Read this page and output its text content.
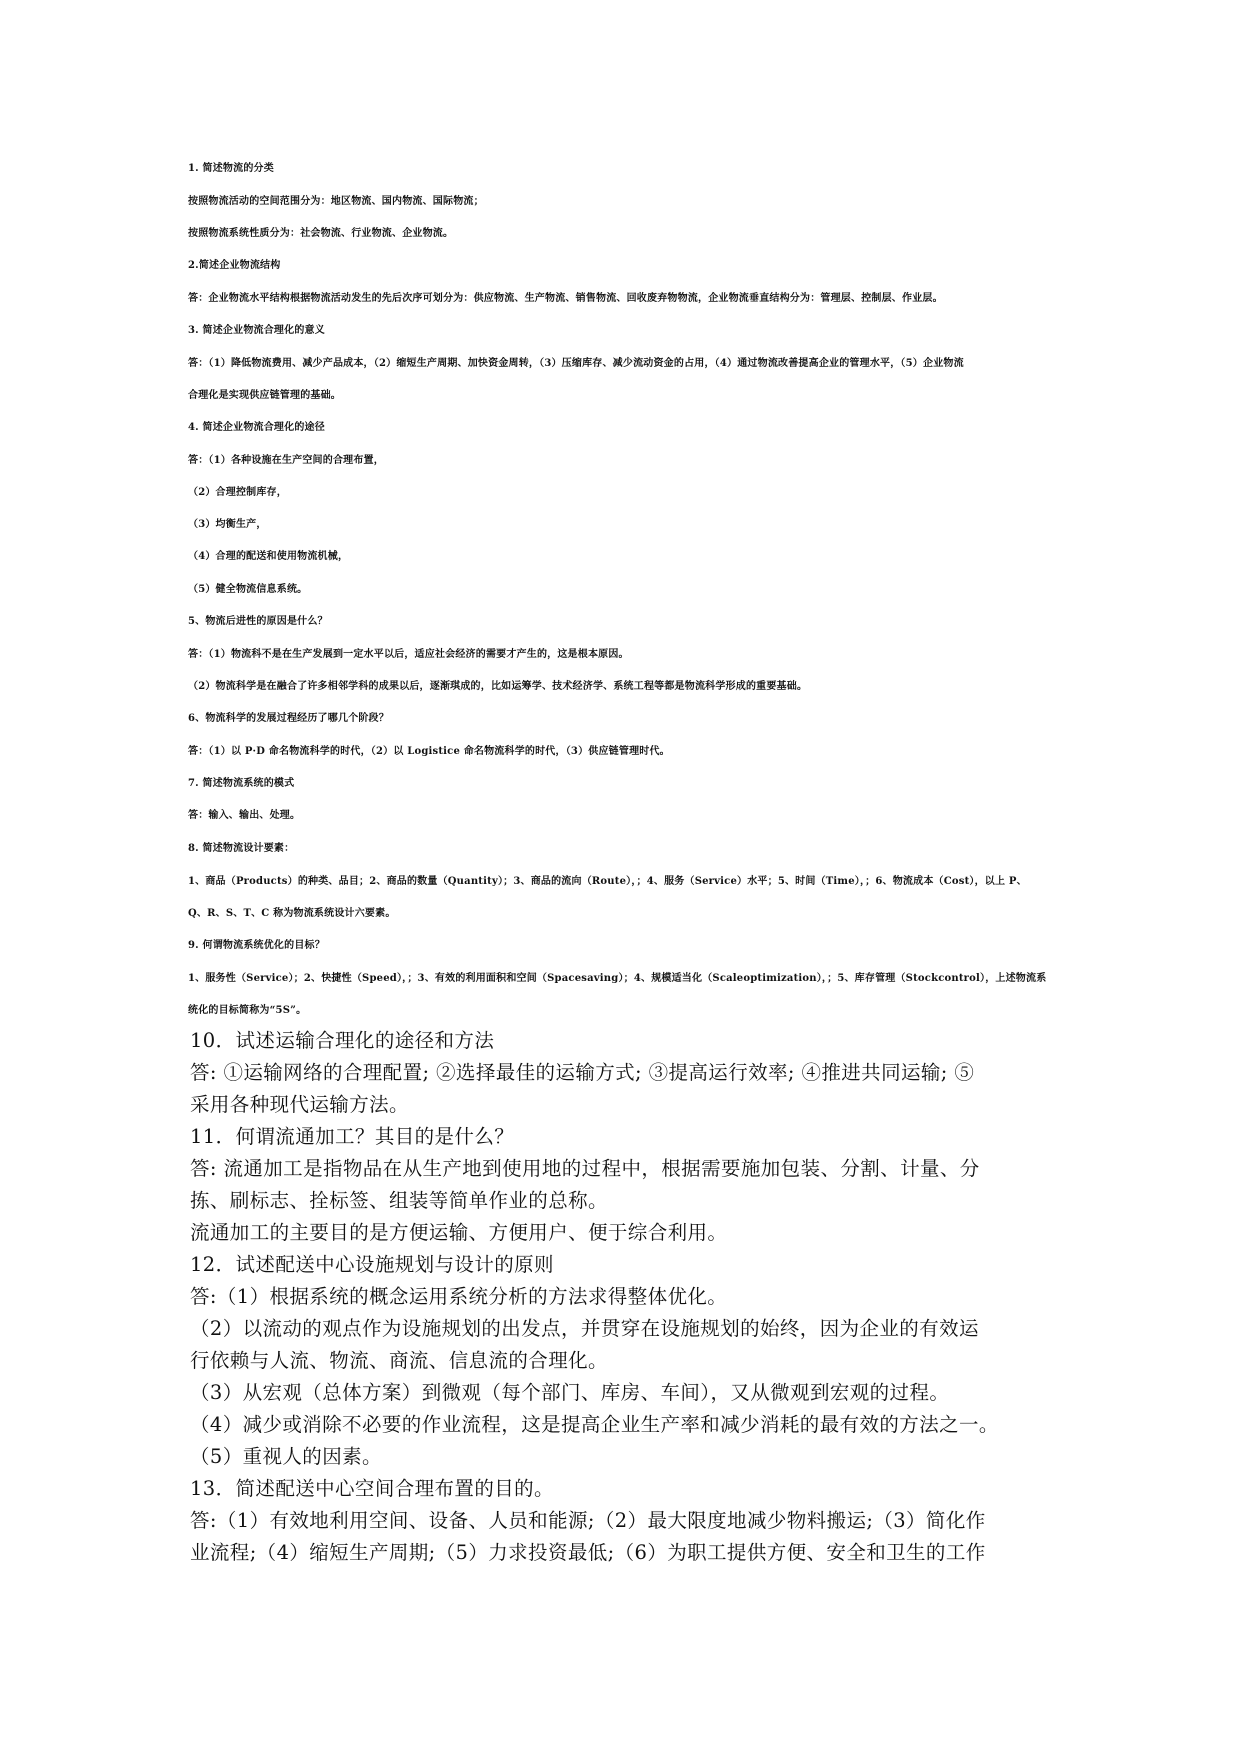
1. 简述物流的分类
按照物流活动的空间范围分为：地区物流、国内物流、国际物流；
按照物流系统性质分为：社会物流、行业物流、企业物流。
2.简述企业物流结构
答：企业物流水平结构根据物流活动发生的先后次序可划分为：供应物流、生产物流、销售物流、回收废弃物物流，企业物流垂直结构分为：管理层、控制层、作业层。
3. 简述企业物流合理化的意义
答：（1）降低物流费用、减少产品成本，（2）缩短生产周期、加快资金周转，（3）压缩库存、减少流动资金的占用，（4）通过物流改善提高企业的管理水平，（5）企业物流
合理化是实现供应链管理的基础。
4. 简述企业物流合理化的途径
答：（1）各种设施在生产空间的合理布置，
（2）合理控制库存，
（3）均衡生产，
（4）合理的配送和使用物流机械，
（5）健全物流信息系统。
5、物流后进性的原因是什么？
答：（1）物流科不是在生产发展到一定水平以后，适应社会经济的需要才产生的，这是根本原因。
（2）物流科学是在融合了许多相邻学科的成果以后，逐渐琪成的，比如运筹学、技术经济学、系统工程等都是物流科学形成的重要基础。
6、物流科学的发展过程经历了哪几个阶段？
答：（1）以 P·D 命名物流科学的时代，（2）以 Logistice 命名物流科学的时代，（3）供应链管理时代。
7. 简述物流系统的模式
答：输入、输出、处理。
8. 简述物流设计要素：
1、商品（Products）的种类、品目；2、商品的数量（Quantity）；3、商品的流向（Route），；4、服务（Service）水平；5、时间（Time），；6、物流成本（Cost），以上 P、
Q、R、S、T、C 称为物流系统设计六要素。
9. 何谓物流系统优化的目标？
1、服务性（Service）；2、快捷性（Speed），；3、有效的利用面积和空间（Spacesaving）；4、规模适当化（Scaleoptimization），；5、库存管理（Stockcontrol），上述物流系
统化的目标简称为“5S”。
10．试述运输合理化的途径和方法
答: ①运输网络的合理配置; ②选择最佳的运输方式; ③提高运行效率; ④推进共同运输; ⑤
采用各种现代运输方法。
11．何谓流通加工？其目的是什么？
答: 流通加工是指物品在从生产地到使用地的过程中，根据需要施加包装、分割、计量、分
拣、刷标志、拴标签、组装等简单作业的总称。
流通加工的主要目的是方便运输、方便用户、便于综合利用。
12．试述配送中心设施规划与设计的原则
答:（1）根据系统的概念运用系统分析的方法求得整体优化。
（2）以流动的观点作为设施规划的出发点，并贯穿在设施规划的始终，因为企业的有效运
行依赖与人流、物流、商流、信息流的合理化。
（3）从宏观（总体方案）到微观（每个部门、库房、车间），又从微观到宏观的过程。
（4）减少或消除不必要的作业流程，这是提高企业生产率和减少消耗的最有效的方法之一。
（5）重视人的因素。
13．简述配送中心空间合理布置的目的。
答:（1）有效地利用空间、设备、人员和能源;（2）最大限度地减少物料搬运;（3）简化作
业流程;（4）缩短生产周期;（5）力求投资最低;（6）为职工提供方便、安全和卫生的工作
